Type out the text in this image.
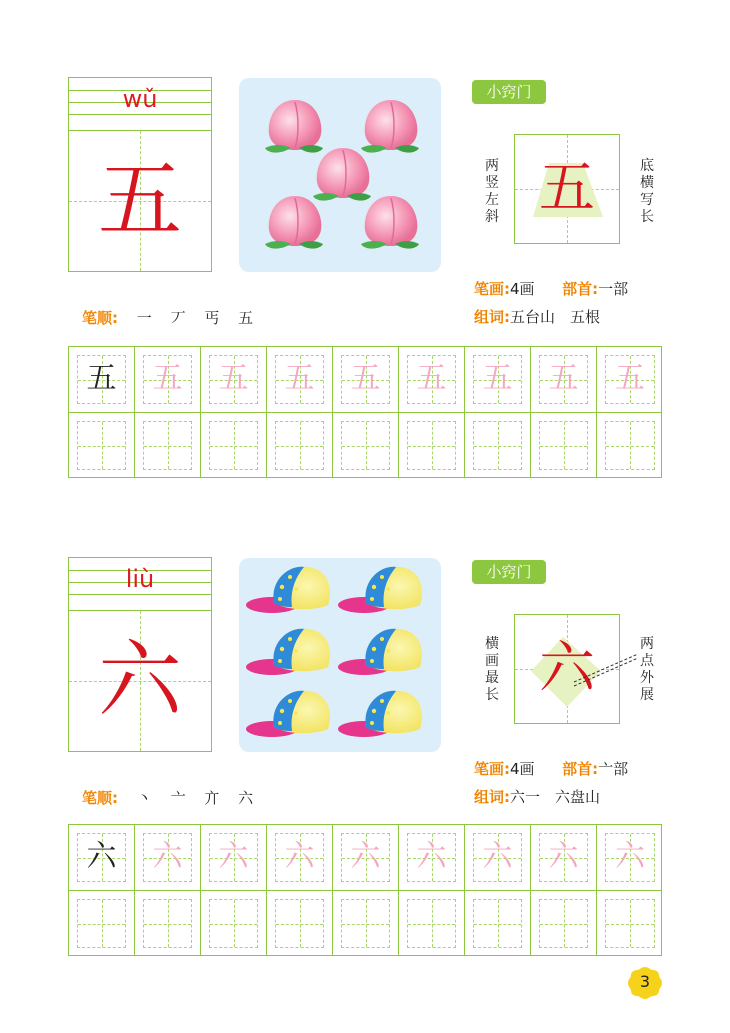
wǔ
五
小窍门
两竖左斜 五	底横写长
笔画:4画 部首:一部
组词:五台山　五根
笔顺: 一 丆 丐 五
五	五	五	五	五	五	五	五	五
liù
六
小窍门
横画最长 六	两点外展
笔画:4画 部首:亠部
组词:六一　六盘山
笔顺: 丶 亠 亣 六
六	六	六	六	六	六	六	六	六
3
